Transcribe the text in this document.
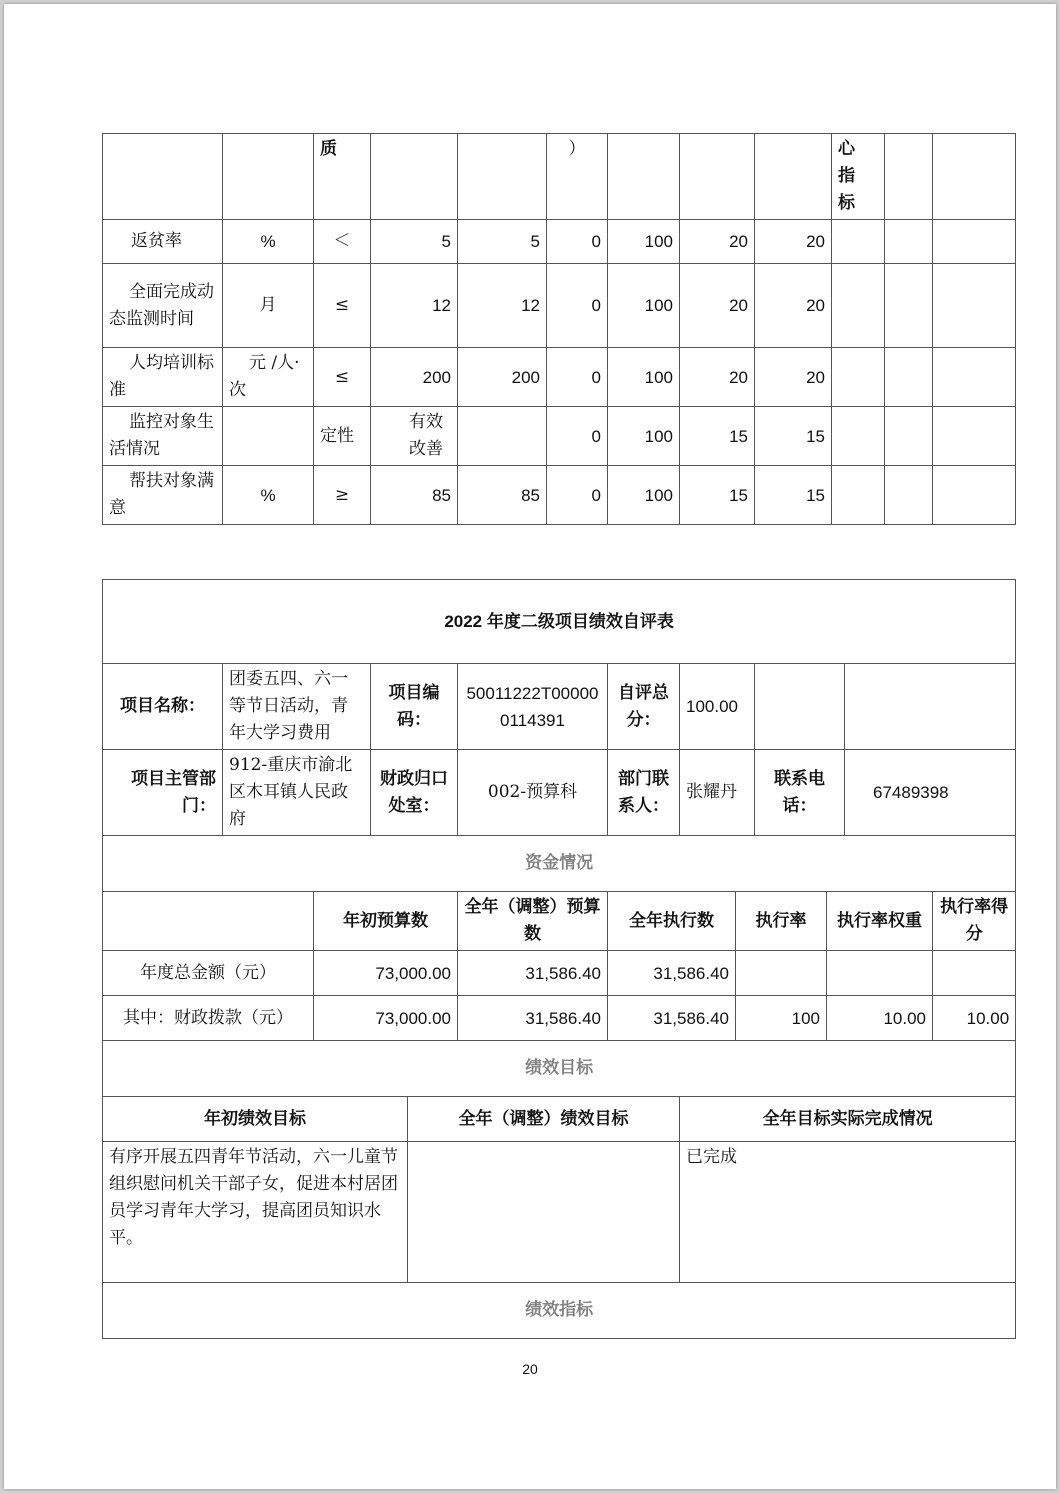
		质			）				心指标		
返贫率	%	＜	5	5	0	100	20	20			
全面完成动态监测时间	月	≤	12	12	0	100	20	20			
人均培训标准	元 /人·次	≤	200	200	0	100	20	20			
监控对象生活情况		定性	有效改善		0	100	15	15			
帮扶对象满意	%	≥	85	85	0	100	15	15			
2022 年度二级项目绩效自评表												
项目名称：	团委五四、六一等节日活动，青年大学习费用		项目编码：		50011222T000000114391	自评总分：	100.00					
项目主管部门：	912-重庆市渝北区木耳镇人民政府		财政归口处室：		002-预算科	部门联系人：	张耀丹		联系电话：		67489398	
资金情况												
		年初预算数			全年（调整）预算数	全年执行数		执行率		执行率权重		执行率得分
年度总金额（元）		73,000.00			31,586.40	31,586.40						
其中：财政拨款（元）		73,000.00			31,586.40	31,586.40		100		10.00		10.00
绩效目标												
年初绩效目标				全年（调整）绩效目标			全年目标实际完成情况					
有序开展五四青年节活动，六一儿童节组织慰问机关干部子女，促进本村居团员学习青年大学习，提高团员知识水平。							已完成					
绩效指标												
20
